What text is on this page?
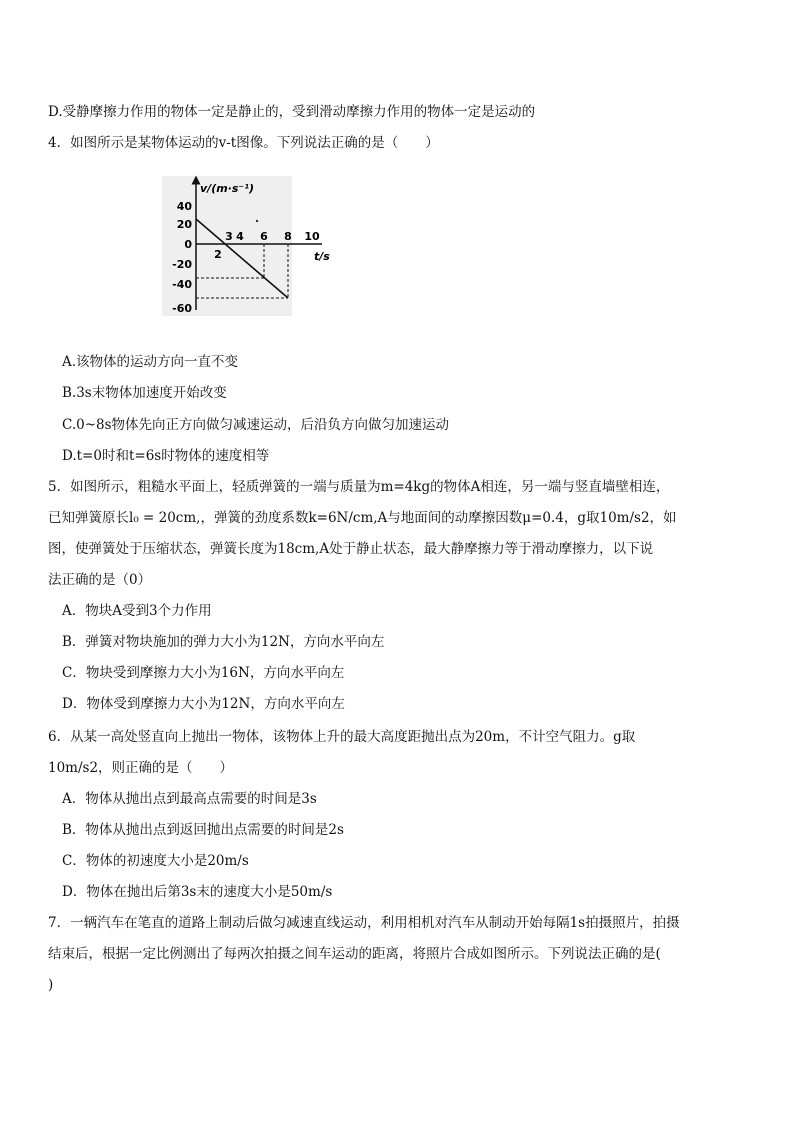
D.受静摩擦力作用的物体一定是静止的，受到滑动摩擦力作用的物体一定是运动的
4．如图所示是某物体运动的v-t图像。下列说法正确的是（　　）
v/(m·s⁻¹)
t/s
40
20
0
-20
-40
-60
3 4 6 8 10
2
A.该物体的运动方向一直不变
B.3s末物体加速度开始改变
C.0~8s物体先向正方向做匀减速运动，后沿负方向做匀加速运动
D.t=0时和t=6s时物体的速度相等
5．如图所示，粗糙水平面上，轻质弹簧的一端与质量为m=4kg的物体A相连，另一端与竖直墙壁相连，
已知弹簧原长l₀ = 20cm,，弹簧的劲度系数k=6N/cm,A与地面间的动摩擦因数μ=0.4，g取10m/s2，如
图，使弹簧处于压缩状态，弹簧长度为18cm,A处于静止状态，最大静摩擦力等于滑动摩擦力，以下说
法正确的是（0）
A．物块A受到3个力作用
B．弹簧对物块施加的弹力大小为12N，方向水平向左
C．物块受到摩擦力大小为16N，方向水平向左
D．物体受到摩擦力大小为12N，方向水平向左
6．从某一高处竖直向上抛出一物体，该物体上升的最大高度距抛出点为20m，不计空气阻力。g取
10m/s2，则正确的是（　　）
A．物体从抛出点到最高点需要的时间是3s
B．物体从抛出点到返回抛出点需要的时间是2s
C．物体的初速度大小是20m/s
D．物体在抛出后第3s末的速度大小是50m/s
7．一辆汽车在笔直的道路上制动后做匀减速直线运动，利用相机对汽车从制动开始每隔1s拍摄照片，拍摄
结束后，根据一定比例测出了每两次拍摄之间车运动的距离，将照片合成如图所示。下列说法正确的是(
)
